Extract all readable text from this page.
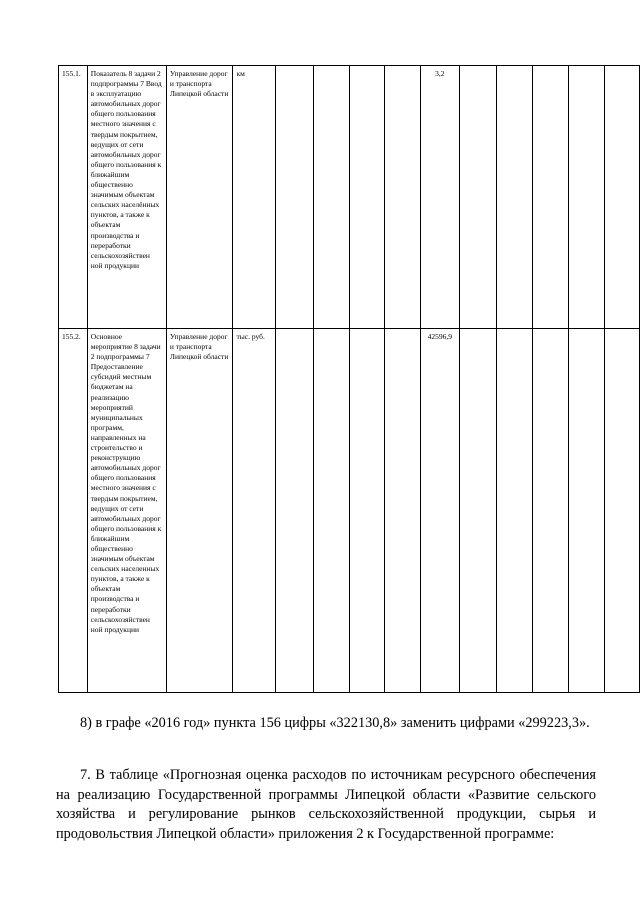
155.1.	Показатель 8 задачи 2 подпрограммы 7 Ввод в эксплуатацию автомобильных дорог общего пользования местного значения с твердым покрытием, ведущих от сети автомобильных дорог общего пользования к ближайшим общественно значимым объектам сельских населённых пунктов, а также к объектам производства и переработки сельскохозяйствен ной продукции	Управление дорог и транспорта Липецкой области	км					3,2					
155.2.	Основное мероприятие 8 задачи 2 подпрограммы 7 Предоставление субсидий местным бюджетам на реализацию мероприятий муниципальных программ, направленных на строительство и реконструкцию автомобильных дорог общего пользования местного значения с твердым покрытием, ведущих от сети автомобильных дорог общего пользования к ближайшим общественно значимым объектам сельских населенных пунктов, а также к объектам производства и переработки сельскохозяйствен ной продукции	Управление дорог и транспорта Липецкой области	тыс. руб.					42596,9					

8) в графе «2016 год» пункта 156 цифры «322130,8» заменить цифрами «299223,3».

7. В таблице «Прогнозная оценка расходов по источникам ресурсного обеспечения на реализацию Государственной программы Липецкой области «Развитие сельского хозяйства и регулирование рынков сельскохозяйственной продукции, сырья и продовольствия Липецкой области» приложения 2 к Государственной программе:
